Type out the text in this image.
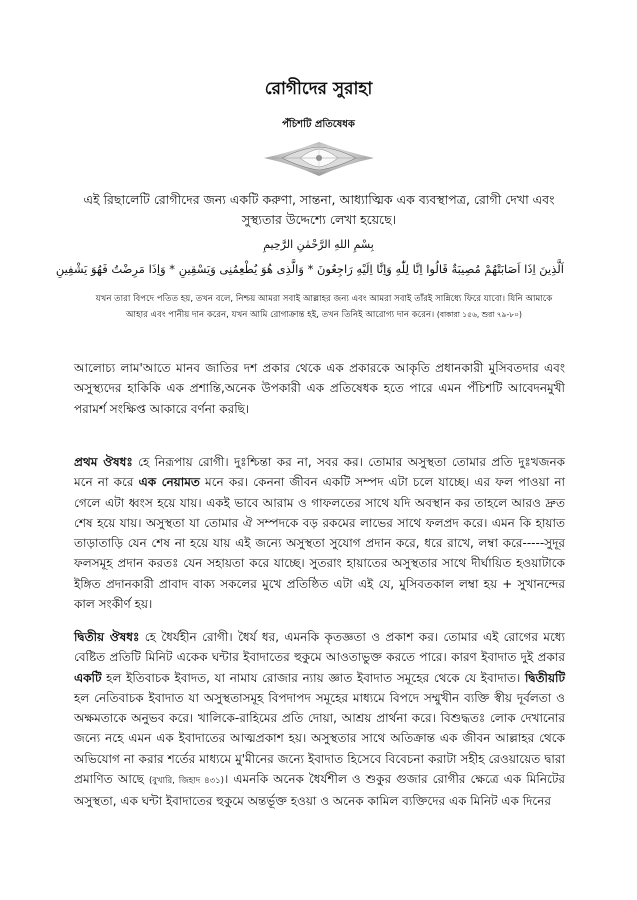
রোগীদের সুরাহা
পঁচিশটি প্রতিষেধক
এই রিছালেটি রোগীদের জন্য একটি করুণা, সান্তনা, আধ্যাত্মিক এক ব্যবস্থাপত্র, রোগী দেখা এবং সুস্থ্যতার উদ্দেশ্যে লেখা হয়েছে।
بِسْمِ اللهِ الرَّحْمٰنِ الرَّحِيمِ
اَلَّذِينَ اِذَا اَصَابَتْهُمْ مُصِيبَةٌ قَالُوا اِنَّا لِلّٰهِ وَاِنَّا اِلَيْهِ رَاجِعُونَ * وَالَّذِى هُوَ يُطْعِمُنِى وَيَسْقِينِ * وَاِذَا مَرِضْتُ فَهُوَ يَشْفِينِ
যখন তারা বিপদে পতিত হয়, তখন বলে, নিশ্চয় আমরা সবাই আল্লাহর জন্য এবং আমরা সবাই তাঁরই সান্নিধ্যে ফিরে যাবো। যিনি আমাকে আহার এবং পানীয় দান করেন, যখন আমি রোগাক্রান্ত হই, তখন তিনিই আরোগ্য দান করেন। (বাকারা ১৫৬, শুরা ৭৯-৮০)
আলোচ্য লাম'আতে মানব জাতির দশ প্রকার থেকে এক প্রকারকে আকৃতি প্রধানকারী মুসিবতদার এবং অসুস্থ্যদের হাকিকি এক প্রশান্তি,অনেক উপকারী এক প্রতিষেধক হতে পারে এমন পঁচিশটি আবেদনমুখী পরামর্শ সংক্ষিপ্ত আকারে বর্ণনা করছি।
প্রথম ঔষধঃ হে নিরূপায় রোগী। দুঃশ্চিন্তা কর না, সবর কর। তোমার অসুস্থতা তোমার প্রতি দুঃখজনক মনে না করে এক নেয়ামত মনে কর। কেননা জীবন একটি সম্পদ এটা চলে যাচ্ছে। এর ফল পাওয়া না গেলে এটা ধ্বংস হয়ে যায়। একই ভাবে আরাম ও গাফলতের সাথে যদি অবস্থান কর তাহলে আরও দ্রুত শেষ হয়ে যায়। অসুস্থতা যা তোমার ঐ সম্পদকে বড় রকমের লাভের সাথে ফলপ্রদ করে। এমন কি হায়াত তাড়াতাড়ি যেন শেষ না হয়ে যায় এই জন্যে অসুস্থতা সুযোগ প্রদান করে, ধরে রাখে, লম্বা করে-----সুদূর ফলসমূহ প্রদান করতঃ যেন সহায়তা করে যাচ্ছে। সুতরাং হায়াতের অসুস্থতার সাথে দীর্ঘায়িত হওয়াটাকে ইঙ্গিত প্রদানকারী প্রাবাদ বাক্য সকলের মুখে প্রতিষ্ঠিত এটা এই যে, মুসিবতকাল লম্বা হয় + সুখানন্দের কাল সংকীর্ণ হয়।
দ্বিতীয় ঔষধঃ হে ধৈর্যহীন রোগী। ধৈর্য ধর, এমনকি কৃতজ্ঞতা ও প্রকাশ কর। তোমার এই রোগের মধ্যে বেষ্টিত প্রতিটি মিনিট একেক ঘন্টার ইবাদাতের হুকুমে আওতাভুক্ত করতে পারে। কারণ ইবাদাত দুই প্রকার একটি হল ইতিবাচক ইবাদত, যা নামায রোজার ন্যায় জ্ঞাত ইবাদাত সমূহের থেকে যে ইবাদাত। দ্বিতীয়টি হল নেতিবাচক ইবাদাত যা অসুস্থতাসমূহ বিপদাপদ সমূহের মাধ্যমে বিপদে সম্মুখীন ব্যক্তি স্বীয় দূর্বলতা ও অক্ষমতাকে অনুভব করে। খালিকে-রাহিমের প্রতি দোয়া, আশ্রয় প্রার্থনা করে। বিশুদ্ধতঃ লোক দেখানোর জন্যে নহে এমন এক ইবাদাতের আত্মপ্রকাশ হয়। অসুস্থতার সাথে অতিক্রান্ত এক জীবন আল্লাহর থেকে অভিযোগ না করার শর্তের মাধ্যমে মু'মীনের জন্যে ইবাদাত হিসেবে বিবেচনা করাটা সহীহ রেওয়ায়েত দ্বারা প্রমাণিত আছে (বুখারি, জিহাদ ৪৩১)। এমনকি অনেক ধৈর্যশীল ও শুকুর গুজার রোগীর ক্ষেত্রে এক মিনিটের অসুস্থতা, এক ঘন্টা ইবাদাতের হুকুমে অন্তর্ভূক্ত হওয়া ও অনেক কামিল ব্যক্তিদের এক মিনিট এক দিনের
